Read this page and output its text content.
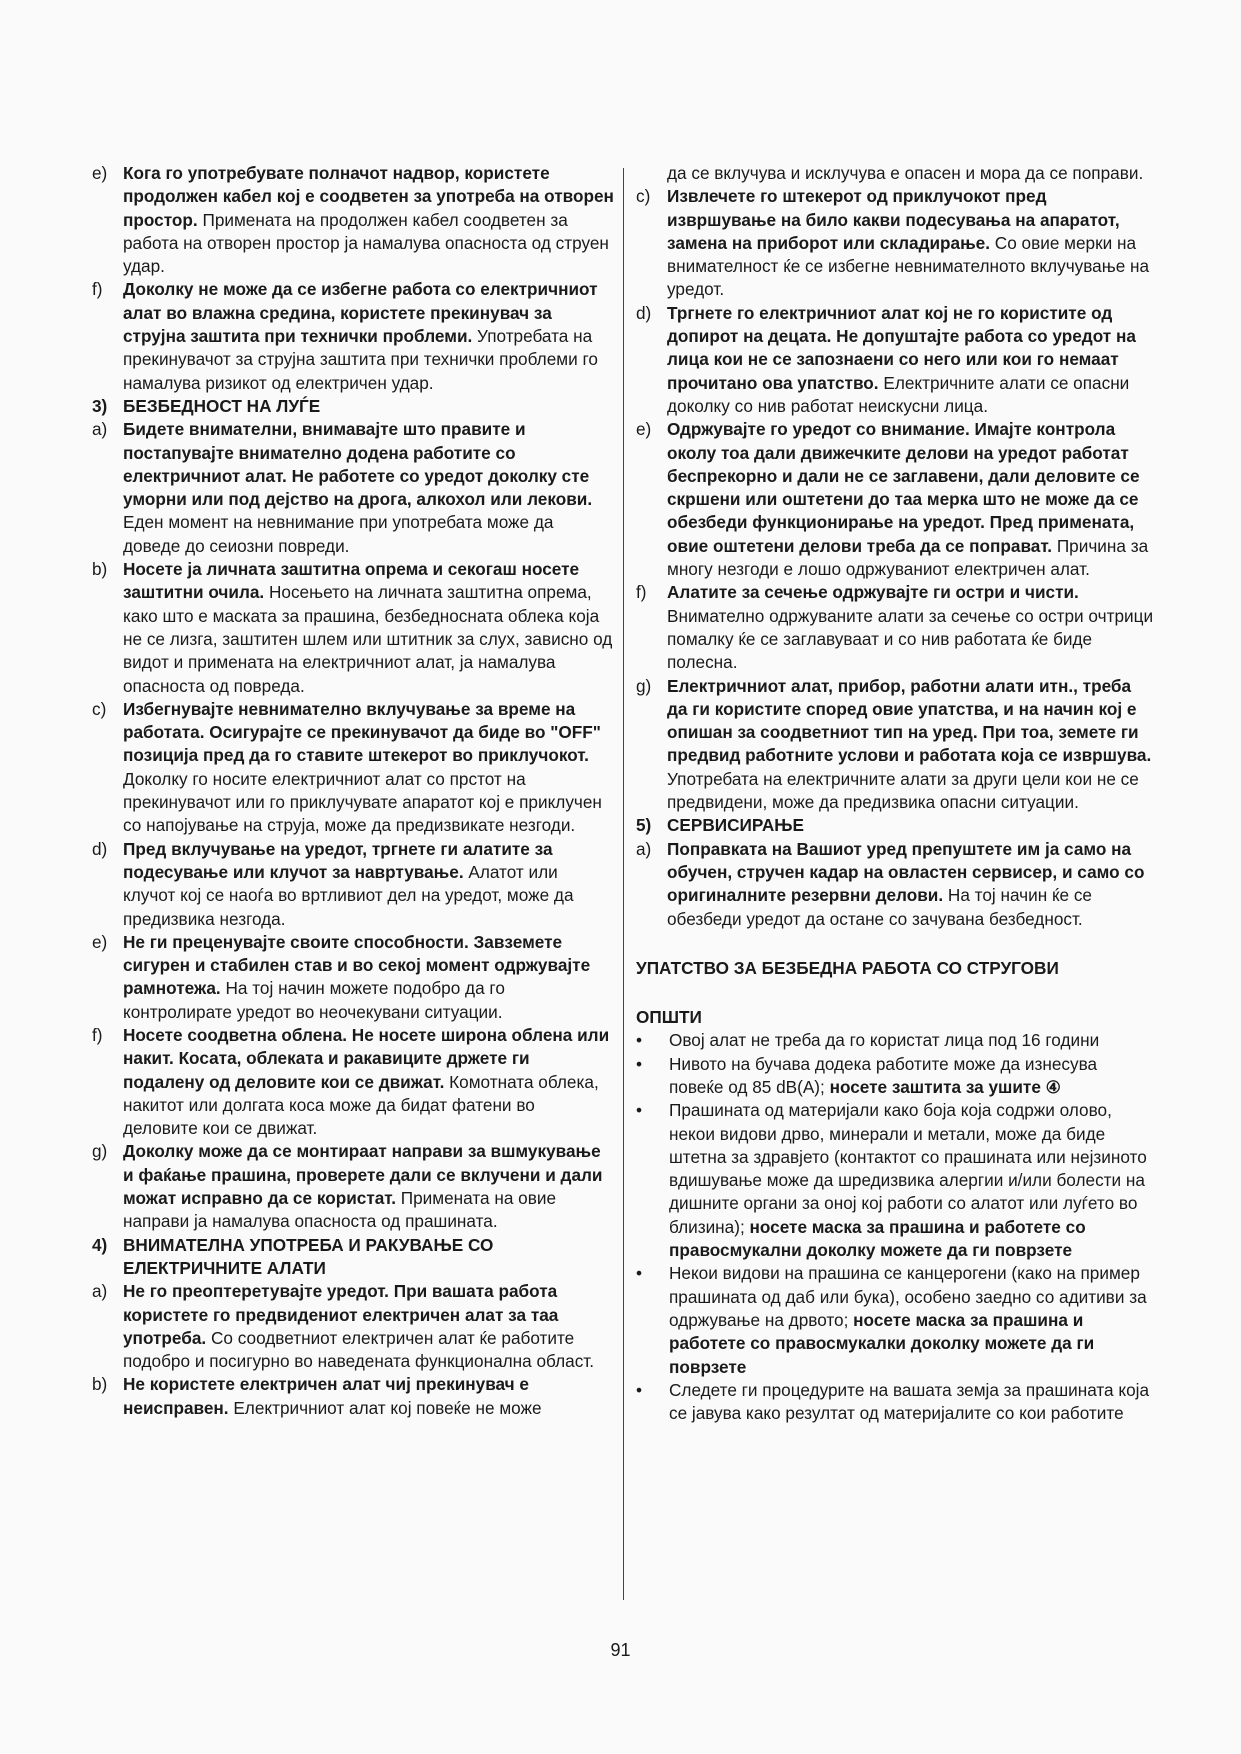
e) Кога го употребувате полначот надвор, користете продолжен кабел кој е соодветен за употреба на отворен простор. Примената на продолжен кабел соодветен за работа на отворен простор ја намалува опасноста од струен удар.
f) Доколку не може да се избегне работа со електричниот алат во влажна средина, користете прекинувач за струјна заштита при технички проблеми. Употребата на прекинувачот за струјна заштита при технички проблеми го намалува ризикот од електричен удар.
3) БЕЗБЕДНОСТ НА ЛУЃЕ
a) Бидете внимателни, внимавајте што правите и постапувајте внимателно додена работите со електричниот алат. Не работете со уредот доколку сте уморни или под дејство на дрога, алкохол или лекови. Еден момент на невнимание при употребата може да доведе до сеиозни повреди.
b) Носете ја личната заштитна опрема и секогаш носете заштитни очила. Носењето на личната заштитна опрема, како што е маската за прашина, безбедносната облека која не се лизга, заштитен шлем или штитник за слух, зависно од видот и примената на електричниот алат, ја намалува опасноста од повреда.
c) Избегнувајте невнимателно вклучување за време на работата. Осигурајте се прекинувачот да биде во "OFF" позиција пред да го ставите штекерот во приклучокот. Доколку го носите електричниот алат со прстот на прекинувачот или го приклучувате апаратот кој е приклучен со напојување на струја, може да предизвикате незгоди.
d) Пред вклучување на уредот, тргнете ги алатите за подесување или клучот за навртување. Алатот или клучот кој се наоѓа во вртливиот дел на уредот, може да предизвика незгода.
e) Не ги преценувајте своите способности. Завземете сигурен и стабилен став и во секој момент одржувајте рамнотежа. На тој начин можете подобро да го контролирате уредот во неочекувани ситуации.
f) Носете соодветна облена. Не носете широна облена или накит. Косата, облеката и ракавиците држете ги подалену од деловите кои се движат. Комотната облека, накитот или долгата коса може да бидат фатени во деловите кои се движат.
g) Доколку може да се монтираат направи за вшмукување и фаќање прашина, проверете дали се вклучени и дали можат исправно да се користат. Примената на овие направи ја намалува опасноста од прашината.
4) ВНИМАТЕЛНА УПОТРЕБА И РАКУВАЊЕ СО ЕЛЕКТРИЧНИТЕ АЛАТИ
a) Не го преоптеретувајте уредот. При вашата работа користете го предвидениот електричен алат за таа употреба. Со соодветниот електричен алат ќе работите подобро и посигурно во наведената функционална област.
b) Не користете електричен алат чиј прекинувач е неисправен. Електричниот алат кој повеќе не може
да се вклучува и исклучува е опасен и мора да се поправи.
c) Извлечете го штекерот од приклучокот пред извршување на било какви подесувања на апаратот, замена на приборот или складирање. Со овие мерки на внимателност ќе се избегне невнимателното вклучување на уредот.
d) Тргнете го електричниот алат кој не го користите од допирот на децата. Не допуштајте работа со уредот на лица кои не се запознаени со него или кои го немаат прочитано ова упатство. Електричните алати се опасни доколку со нив работат неискусни лица.
e) Одржувајте го уредот со внимание. Имајте контрола околу тоа дали движечките делови на уредот работат беспрекорно и дали не се заглавени, дали деловите се скршени или оштетени до таа мерка што не може да се обезбеди функционирање на уредот. Пред примената, овие оштетени делови треба да се поправат. Причина за многу незгоди е лошо одржуваниот електричен алат.
f) Алатите за сечење одржувајте ги остри и чисти. Внимателно одржуваните алати за сечење со остри очтрици помалку ќе се заглавуваат и со нив работата ќе биде полесна.
g) Електричниот алат, прибор, работни алати итн., треба да ги користите според овие упатства, и на начин кој е опишан за соодветниот тип на уред. При тоа, земете ги предвид работните услови и работата која се извршува. Употребата на електричните алати за други цели кои не се предвидени, може да предизвика опасни ситуации.
5) СЕРВИСИРАЊЕ
a) Поправката на Вашиот уред препуштете им ја само на обучен, стручен кадар на овластен сервисер, и само со оригиналните резервни делови. На тој начин ќе се обезбеди уредот да остане со зачувана безбедност.
УПАТСТВО ЗА БЕЗБЕДНА РАБОТА СО СТРУГОВИ
ОПШТИ
• Овој алат не треба да го користат лица под 16 години
• Нивото на бучава додека работите може да изнесува повеќе од 85 dB(A); носете заштита за ушите ④
• Прашината од материјали како боја која содржи олово, некои видови дрво, минерали и метали, може да биде штетна за здравјето (контактот со прашината или нејзиното вдишување може да шредизвика алергии и/или болести на дишните органи за оној кој работи со алатот или луѓето во близина); носете маска за прашина и работете со правосмукални доколку можете да ги поврзете
• Некои видови на прашина се канцерогени (како на пример прашината од даб или бука), особено заедно со адитиви за одржување на дрвото; носете маска за прашина и работете со правосмукалки доколку можете да ги поврзете
• Следете ги процедурите на вашата земја за прашината која се јавува како резултат од материјалите со кои работите
91
